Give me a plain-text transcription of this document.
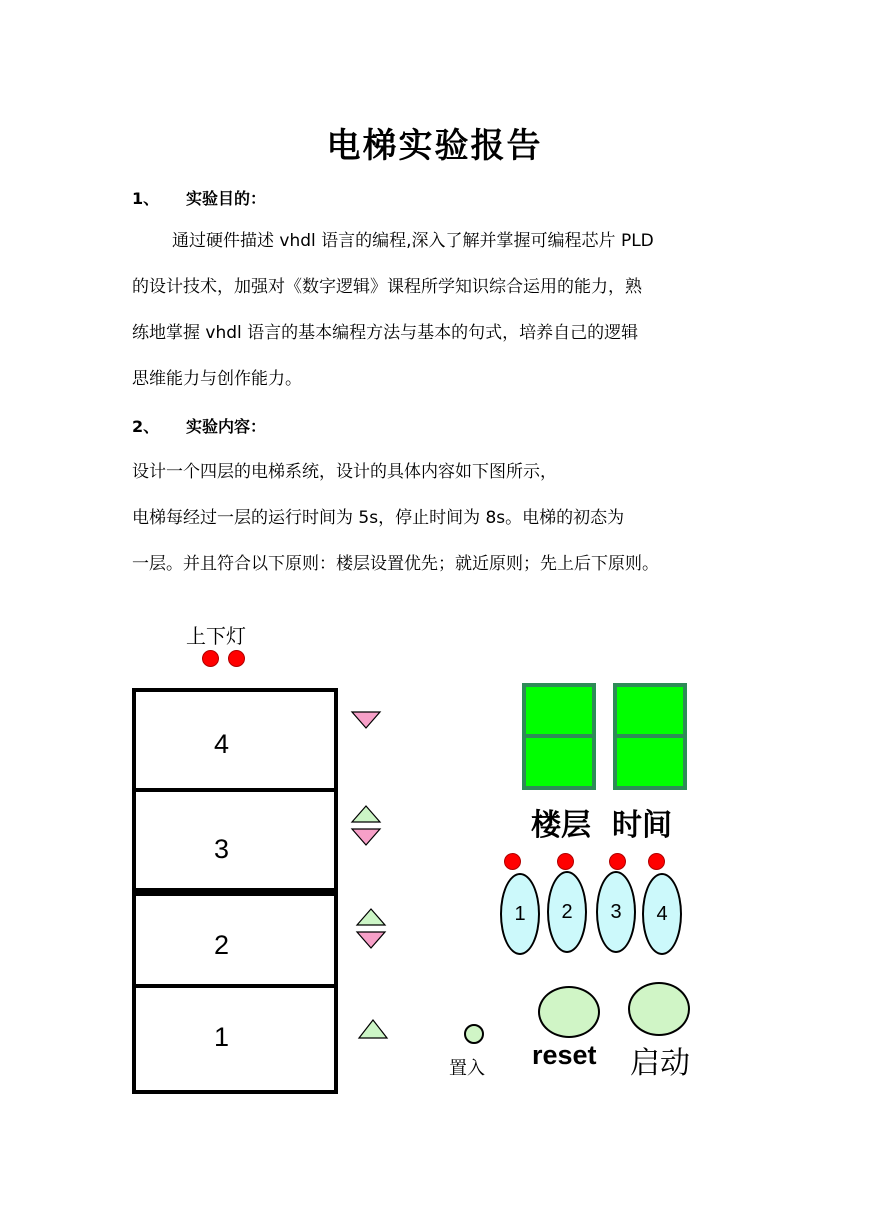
电梯实验报告
1、 实验目的：
通过硬件描述 vhdl 语言的编程,深入了解并掌握可编程芯片 PLD
的设计技术，加强对《数字逻辑》课程所学知识综合运用的能力，熟
练地掌握 vhdl 语言的基本编程方法与基本的句式，培养自己的逻辑
思维能力与创作能力。
2、 实验内容：
设计一个四层的电梯系统，设计的具体内容如下图所示，
电梯每经过一层的运行时间为 5s，停止时间为 8s。电梯的初态为
一层。并且符合以下原则：楼层设置优先；就近原则；先上后下原则。
上下灯
4
3
2
1
楼层 时间
1	2	3	4
置入 reset 启动
